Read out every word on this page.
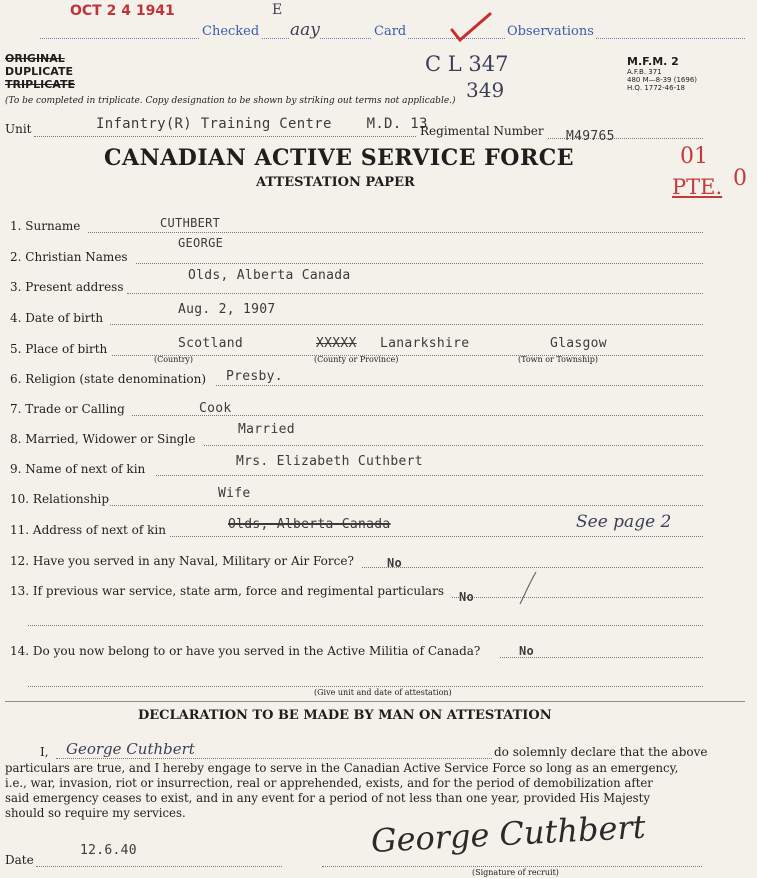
OCT 2 4 1941	E
Checked aay	Card	Observations
ORIGINAL
DUPLICATE
TRIPLICATE
C L 347
349
M.F.M. 2
A.F.B. 371
480 M—8-39 (1696)
H.Q. 1772-46-18
(To be completed in triplicate. Copy designation to be shown by striking out terms not applicable.)
Unit	Infantry(R) Training Centre    M.D. 13
Regimental Number M49765
CANADIAN ACTIVE SERVICE FORCE
ATTESTATION PAPER
01
PTE. 0
1. Surname	CUTHBERT
2. Christian Names
GEORGE
3. Present address
Olds, Alberta Canada
4. Date of birth
Aug. 2, 1907
5. Place of birth	Scotland	XXXXX Lanarkshire	Glasgow
(Country)	(County or Province)	(Town or Township)
6. Religion (state denomination) Presby.
7. Trade or Calling	Cook
8. Married, Widower or Single
Married
9. Name of next of kin	Mrs. Elizabeth Cuthbert
10. Relationship	Wife
11. Address of next of kin	Olds, Alberta Canada	See page 2
12. Have you served in any Naval, Military or Air Force?	No
13. If previous war service, state arm, force and regimental particulars No
14. Do you now belong to or have you served in the Active Militia of Canada?	No
(Give unit and date of attestation)
DECLARATION TO BE MADE BY MAN ON ATTESTATION
I, George Cuthbert	do solemnly declare that the above
particulars are true, and I hereby engage to serve in the Canadian Active Service Force so long as an emergency,
i.e., war, invasion, riot or insurrection, real or apprehended, exists, and for the period of demobilization after
said emergency ceases to exist, and in any event for a period of not less than one year, provided His Majesty
should so require my services.
Date
12.6.40	George Cuthbert
(Signature of recruit)
